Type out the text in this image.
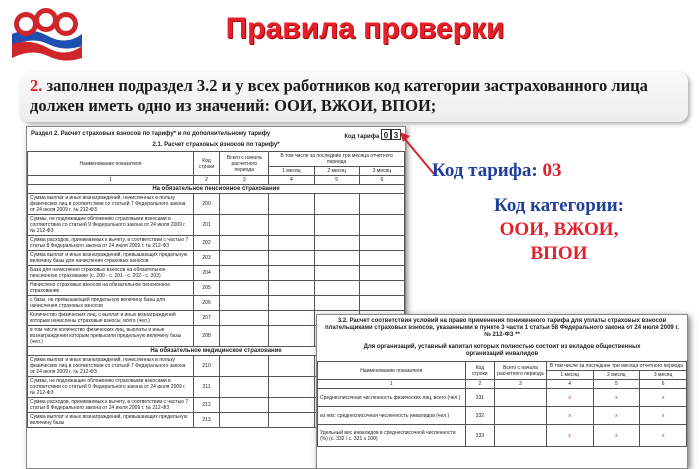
Правила проверки
2. заполнен подраздел 3.2 и у всех работников код категории застрахованного лица должен иметь одно из значений: ООИ, ВЖОИ, ВПОИ;
Раздел 2. Расчет страховых взносов по тарифу* и по дополнительному тарифу	Код тарифа 0 3
2.1. Расчет страховых взносов по тарифу*
Наименование показателя	Код строки	Всего с начала расчетного периода	В том числе за последние три месяца отчетного периода		
			1 месяц	2 месяц	3 месяц
1	2	3	4	5	6
На обязательное пенсионное страхование					
Сумма выплат и иных вознаграждений, начисленных в пользу физических лиц в соответствии со статьей 7 Федерального закона от 24 июля 2009 г. № 212-ФЗ	200				
Суммы, не подлежащие обложению страховыми взносами в соответствии со статьей 9 Федерального закона от 24 июля 2009 г. № 212-ФЗ	201				
Сумма расходов, принимаемых к вычету, в соответствии с частью 7 статьи 8 Федерального закона от 24 июля 2009 г. № 212-ФЗ	202				
Сумма выплат и иных вознаграждений, превышающих предельную величину базы для начисления страховых взносов	203				
База для начисления страховых взносов на обязательное пенсионное страхование (с. 200 - с. 201 - с. 202 - с. 203)	204				
Начислено страховых взносов на обязательное пенсионное страхование	205				
с базы, не превышающей предельную величину базы для начисления страховых взносов	206				
Количество физических лиц, с выплат и иных вознаграждений которым начислены страховые взносы, всего (чел.)	207				
в том числе количество физических лиц, выплаты и иные вознаграждения которым превысили предельную величину базы (чел.)	208				
На обязательное медицинское страхование					
Сумма выплат и иных вознаграждений, начисленных в пользу физических лиц в соответствии со статьей 7 Федерального закона от 24 июля 2009 г. № 212-ФЗ	210				
Суммы, не подлежащие обложению страховыми взносами в соответствии со статьей 9 Федерального закона от 24 июля 2009 г. № 212-ФЗ	211				
Сумма расходов, принимаемых к вычету, в соответствии с частью 7 статьи 8 Федерального закона от 24 июля 2009 г. № 212-ФЗ	212				
Сумма выплат и иных вознаграждений, превышающих предельную величину базы	213				
Код тарифа: 03
Код категории:
ООИ, ВЖОИ, ВПОИ
3.2. Расчет соответствия условий на право применения пониженного тарифа для уплаты страховых взносов плательщиками страховых взносов, указанными в пункте 3 части 1 статьи 58 Федерального закона от 24 июля 2009 г. № 212-ФЗ **
Для организаций, уставный капитал которых полностью состоит из вкладов общественных организаций инвалидов
Наименование показателя	Код строки	Всего с начала расчетного периода	В том числе за последние три месяца отчетного периода		
			1 месяц	2 месяц	3 месяц
1	2	3	4	5	6
Среднесписочная численность физических лиц, всего (чел.)	331		x	x	x
из них: среднесписочная численность инвалидов (чел.)	332		x	x	x
Удельный вес инвалидов в среднесписочной численности (%) (с. 332 / с. 331 х 100)	333		x	x	x
